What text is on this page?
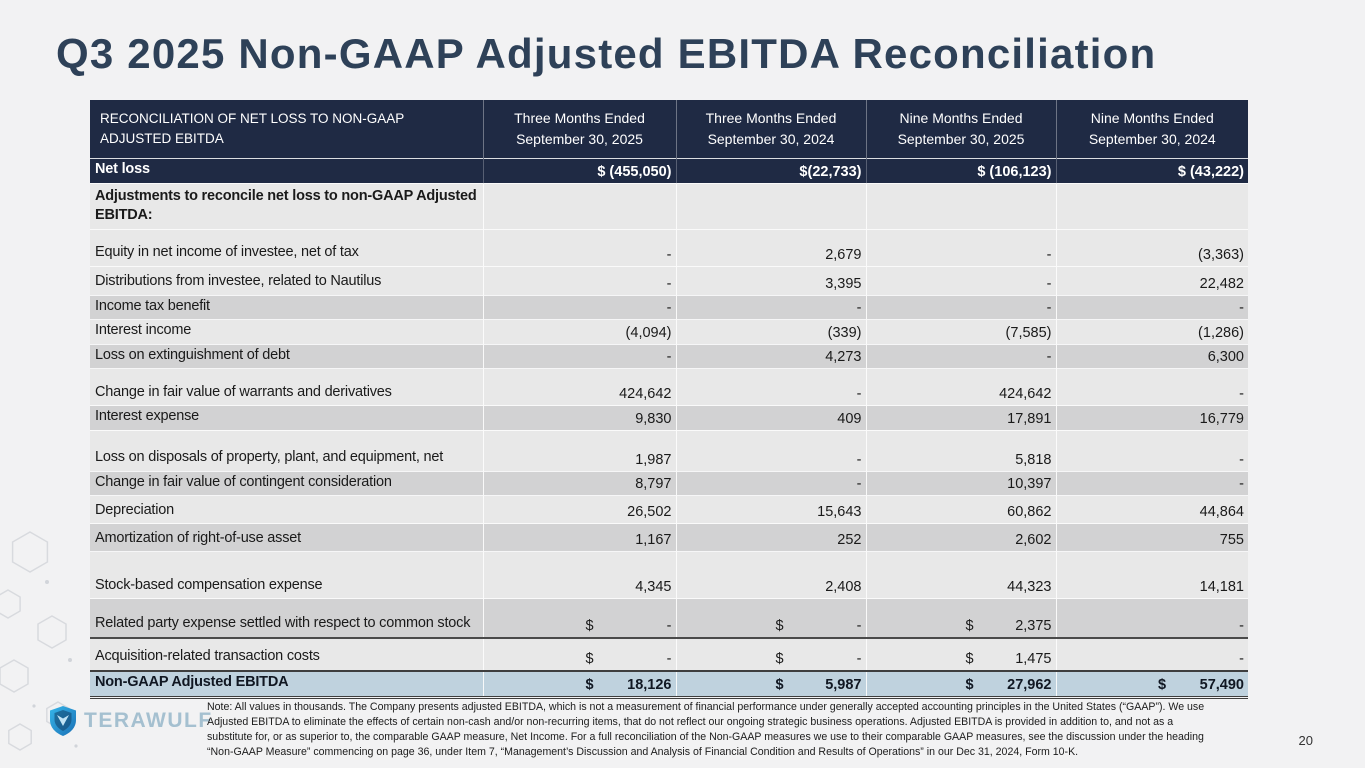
Q3 2025 Non-GAAP Adjusted EBITDA Reconciliation
RECONCILIATION OF NET LOSS TO NON-GAAP ADJUSTED EBITDA	Three Months Ended September 30, 2025	Three Months Ended September 30, 2024	Nine Months Ended September 30, 2025	Nine Months Ended September 30, 2024
Net loss	$ (455,050)	$(22,733)	$ (106,123)	$ (43,222)
Adjustments to reconcile net loss to non-GAAP Adjusted EBITDA:				
Equity in net income of investee, net of tax	-	2,679	-	(3,363)
Distributions from investee, related to Nautilus	-	3,395	-	22,482
Income tax benefit	-	-	-	-
Interest income	(4,094)	(339)	(7,585)	(1,286)
Loss on extinguishment of debt	-	4,273	-	6,300
Change in fair value of warrants and derivatives	424,642	-	424,642	-
Interest expense	9,830	409	17,891	16,779
Loss on disposals of property, plant, and equipment, net	1,987	-	5,818	-
Change in fair value of contingent consideration	8,797	-	10,397	-
Depreciation	26,502	15,643	60,862	44,864
Amortization of right-of-use asset	1,167	252	2,602	755
Stock-based compensation expense	4,345	2,408	44,323	14,181
Related party expense settled with respect to common stock	$ -	$ -	$ 2,375	-
Acquisition-related transaction costs	$ -	$ -	$ 1,475	-
Non-GAAP Adjusted EBITDA	$ 18,126	$ 5,987	$ 27,962	$ 57,490
TERAWULF
Note: All values in thousands. The Company presents adjusted EBITDA, which is not a measurement of financial performance under generally accepted accounting principles in the United States (“GAAP”). We use Adjusted EBITDA to eliminate the effects of certain non-cash and/or non-recurring items, that do not reflect our ongoing strategic business operations. Adjusted EBITDA is provided in addition to, and not as a substitute for, or as superior to, the comparable GAAP measure, Net Income. For a full reconciliation of the Non-GAAP measures we use to their comparable GAAP measures, see the discussion under the heading “Non-GAAP Measure” commencing on page 36, under Item 7, “Management’s Discussion and Analysis of Financial Condition and Results of Operations” in our Dec 31, 2024, Form 10-K.
20
